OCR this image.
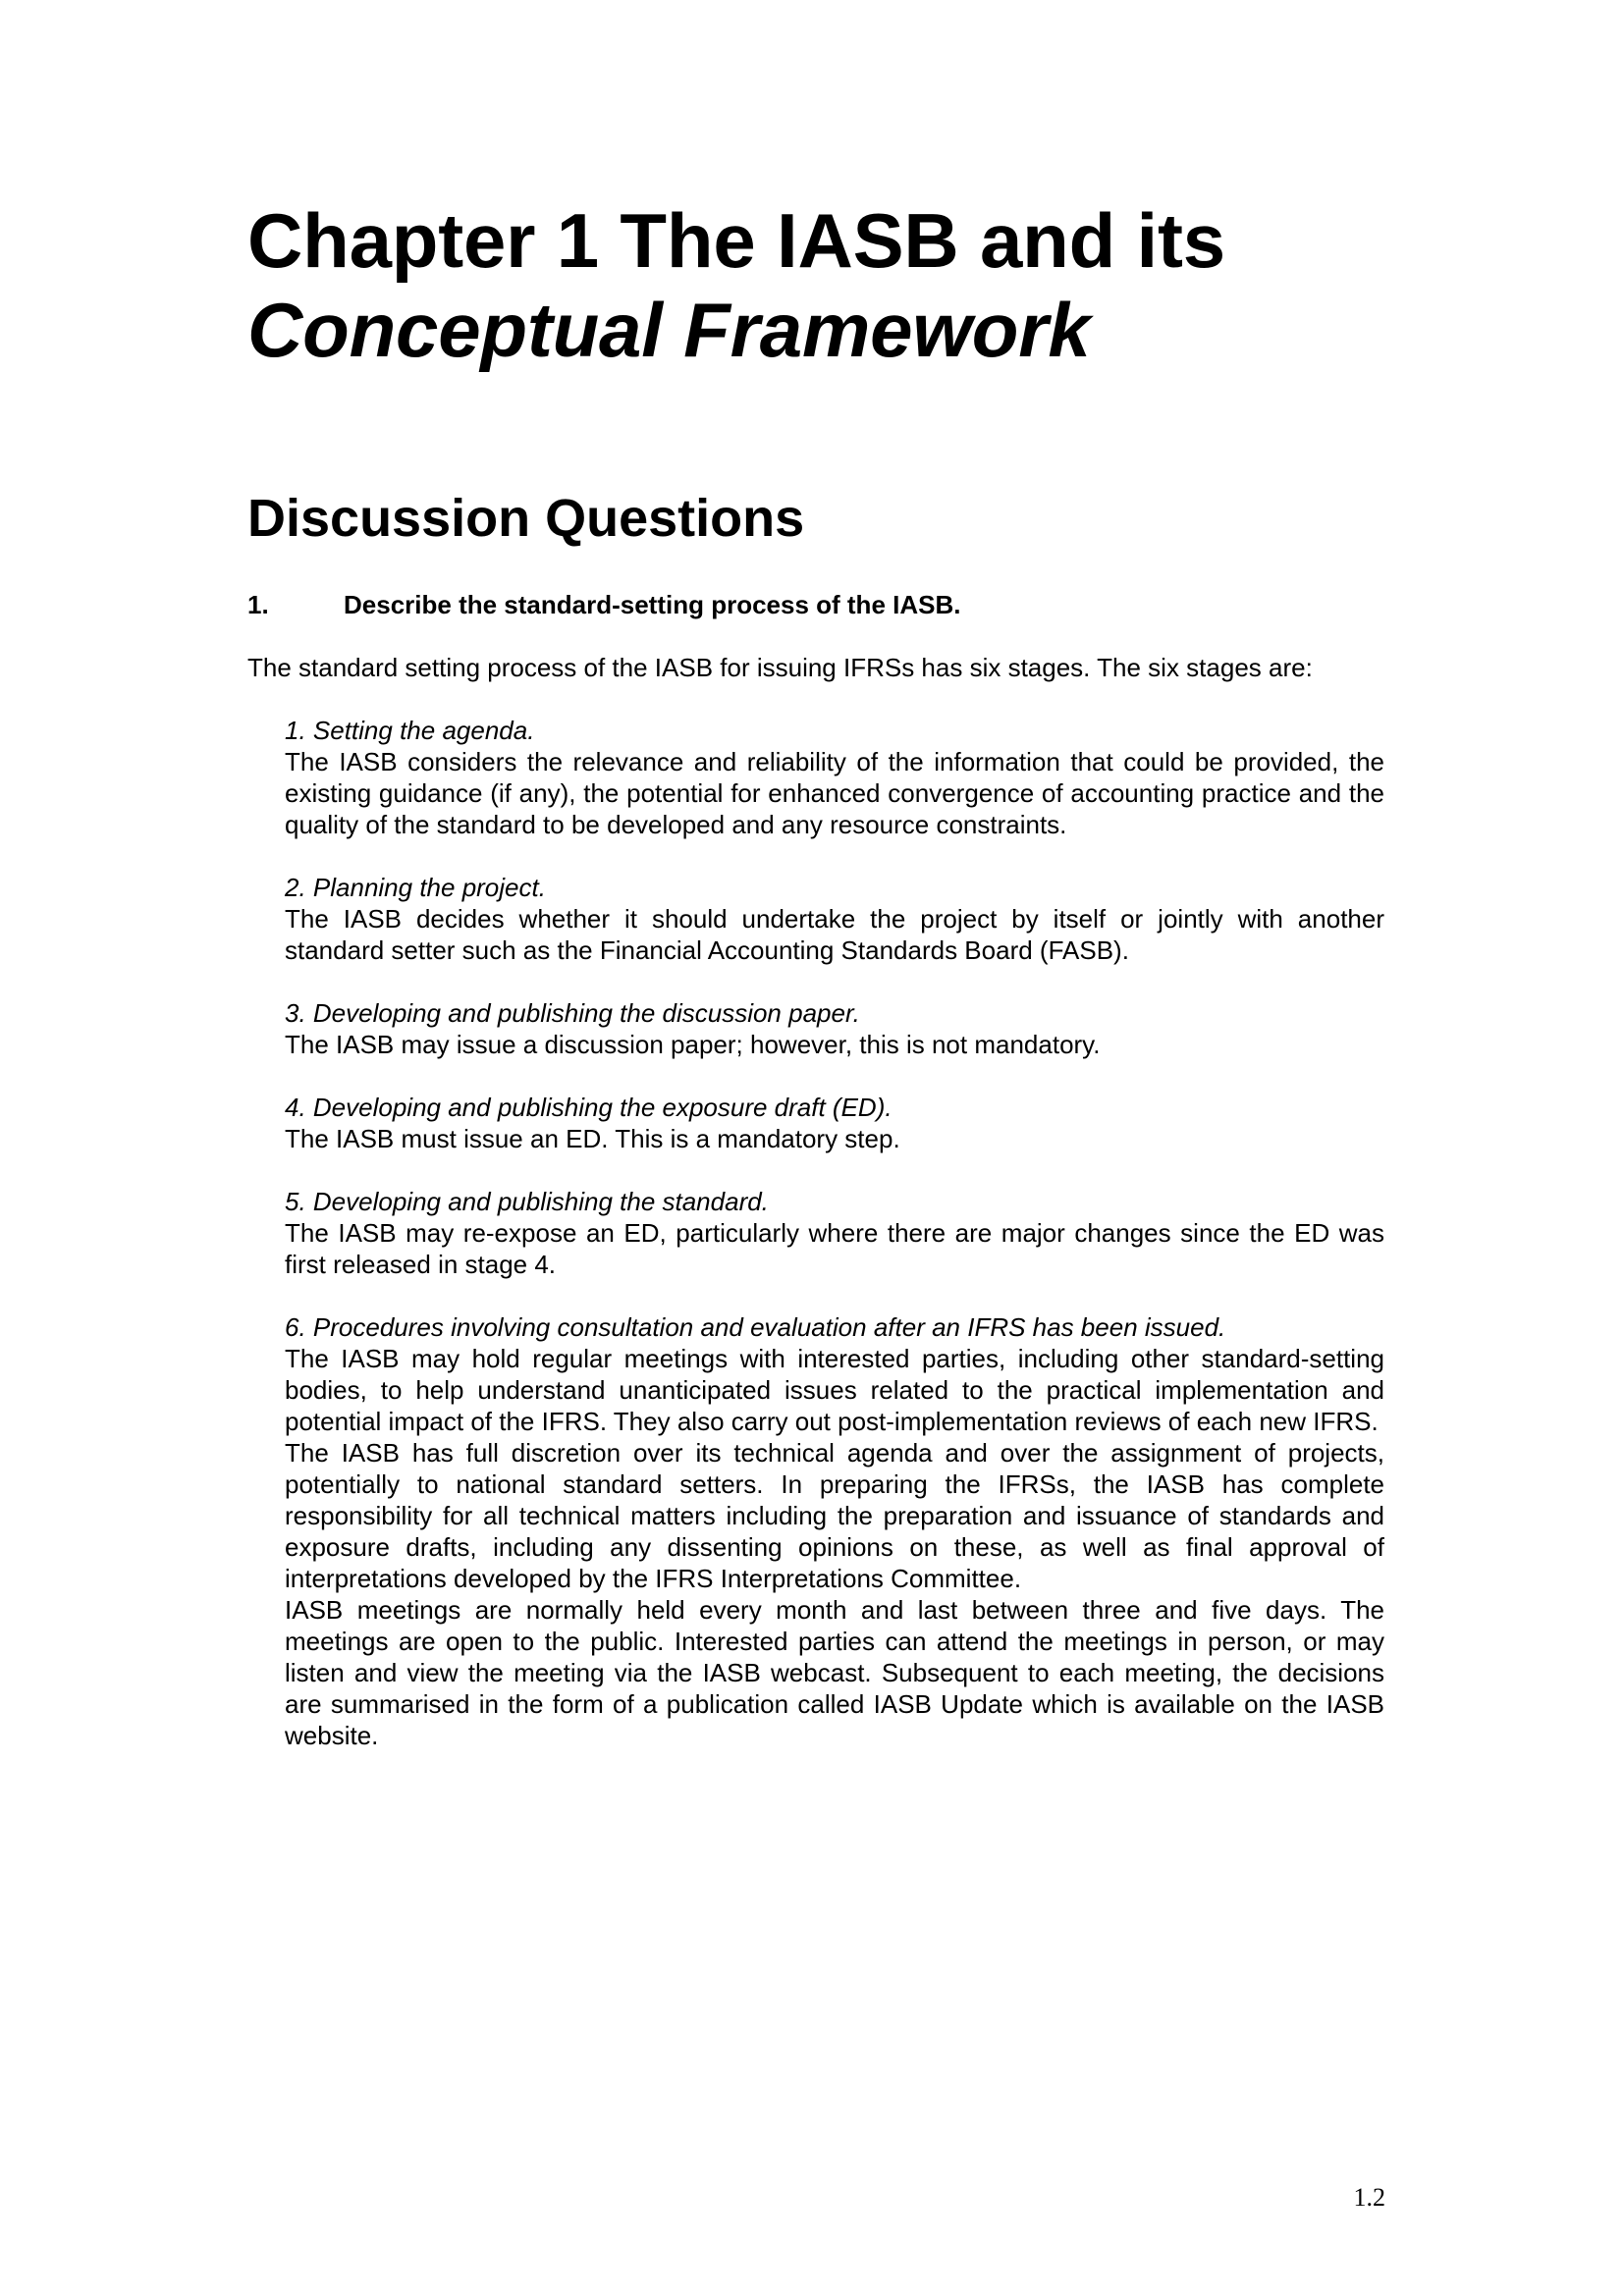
Chapter 1 The IASB and its
Conceptual Framework
Discussion Questions
1.	Describe the standard-setting process of the IASB.
The standard setting process of the IASB for issuing IFRSs has six stages. The six stages are:
1. Setting the agenda.

The IASB considers the relevance and reliability of the information that could be provided, the existing guidance (if any), the potential for enhanced convergence of accounting practice and the quality of the standard to be developed and any resource constraints.

2. Planning the project.

The IASB decides whether it should undertake the project by itself or jointly with another standard setter such as the Financial Accounting Standards Board (FASB).

3. Developing and publishing the discussion paper.

The IASB may issue a discussion paper; however, this is not mandatory.

4. Developing and publishing the exposure draft (ED).

The IASB must issue an ED. This is a mandatory step.

5. Developing and publishing the standard.

The IASB may re-expose an ED, particularly where there are major changes since the ED was first released in stage 4.

6. Procedures involving consultation and evaluation after an IFRS has been issued.

The IASB may hold regular meetings with interested parties, including other standard-setting bodies, to help understand unanticipated issues related to the practical implementation and potential impact of the IFRS. They also carry out post-implementation reviews of each new IFRS.

The IASB has full discretion over its technical agenda and over the assignment of projects, potentially to national standard setters. In preparing the IFRSs, the IASB has complete responsibility for all technical matters including the preparation and issuance of standards and exposure drafts, including any dissenting opinions on these, as well as final approval of interpretations developed by the IFRS Interpretations Committee.

IASB meetings are normally held every month and last between three and five days. The meetings are open to the public. Interested parties can attend the meetings in person, or may listen and view the meeting via the IASB webcast. Subsequent to each meeting, the decisions are summarised in the form of a publication called IASB Update which is available on the IASB website.

1.2
